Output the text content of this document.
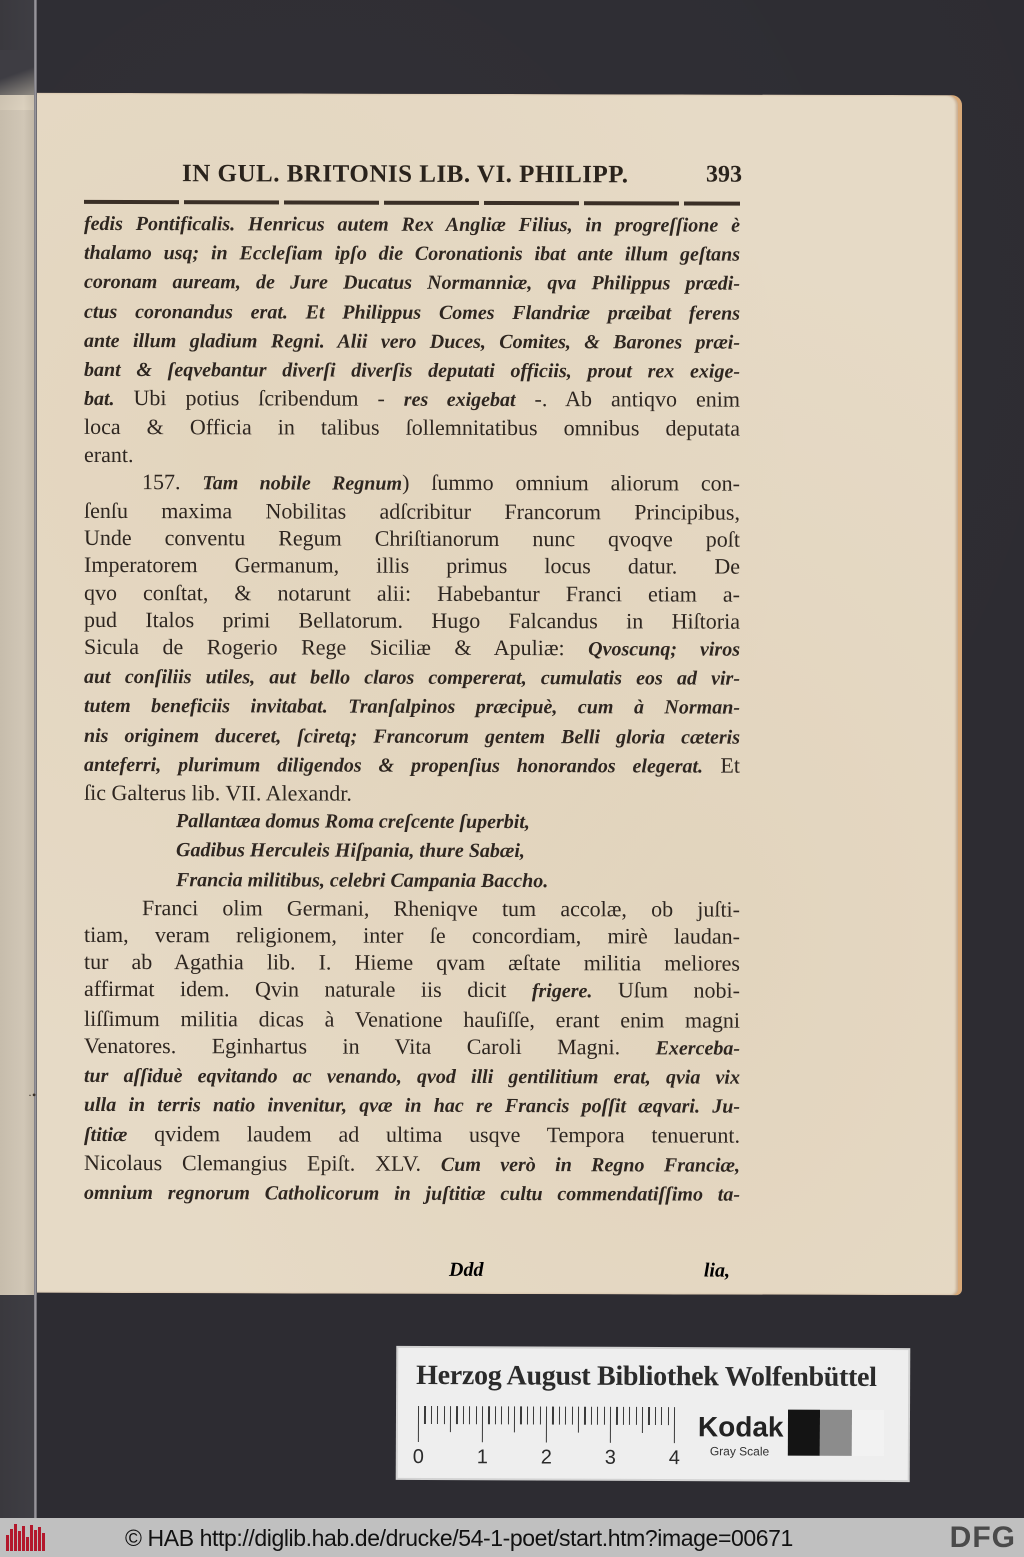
IN GUL. BRITONIS LIB. VI. PHILIPP.	393
fedis Pontificalis. Henricus autem Rex Angliæ Filius, in progreſſione è
thalamo usq; in Eccleſiam ipſo die Coronationis ibat ante illum geſtans
coronam auream, de Jure Ducatus Normanniæ, qva Philippus prædi-
ctus coronandus erat. Et Philippus Comes Flandriæ præibat ferens
ante illum gladium Regni. Alii vero Duces, Comites, & Barones præi-
bant & ſeqvebantur diverſi diverſis deputati officiis, prout rex exige-
bat. Ubi potius ſcribendum - res exigebat -. Ab antiqvo enim
loca & Officia in talibus ſollemnitatibus omnibus deputata
erant.
157. Tam nobile Regnum) ſummo omnium aliorum con-
ſenſu maxima Nobilitas adſcribitur Francorum Principibus,
Unde conventu Regum Chriſtianorum nunc qvoqve poſt
Imperatorem Germanum, illis primus locus datur. De
qvo conſtat, & notarunt alii: Habebantur Franci etiam a-
pud Italos primi Bellatorum. Hugo Falcandus in Hiſtoria
Sicula de Rogerio Rege Siciliæ & Apuliæ: Qvoscunq; viros
aut conſiliis utiles, aut bello claros compererat, cumulatis eos ad vir-
tutem beneficiis invitabat. Tranſalpinos præcipuè, cum à Norman-
nis originem duceret, ſciretq; Francorum gentem Belli gloria cæteris
anteferri, plurimum diligendos & propenſius honorandos elegerat. Et
ſic Galterus lib. VII. Alexandr.
Pallantæa domus Roma creſcente ſuperbit,
Gadibus Herculeis Hiſpania, thure Sabæi,
Francia militibus, celebri Campania Baccho.
Franci olim Germani, Rheniqve tum accolæ, ob juſti-
tiam, veram religionem, inter ſe concordiam, mirè laudan-
tur ab Agathia lib. I. Hieme qvam æſtate militia meliores
affirmat idem. Qvin naturale iis dicit frigere. Uſum nobi-
liſſimum militia dicas à Venatione hauſiſſe, erant enim magni
Venatores. Eginhartus in Vita Caroli Magni. Exerceba-
tur aſſiduè eqvitando ac venando, qvod illi gentilitium erat, qvia vix
ulla in terris natio invenitur, qvæ in hac re Francis poſſit æqvari. Ju-
ſtitiæ qvidem laudem ad ultima usqve Tempora tenuerunt.
Nicolaus Clemangius Epiſt. XLV. Cum verò in Regno Franciæ,
omnium regnorum Catholicorum in juſtitiæ cultu commendatiſſimo ta-
Ddd	lia,
·•
Herzog August Bibliothek Wolfenbüttel
0	1	2	3	4
Kodak
Gray Scale
© HAB http://diglib.hab.de/drucke/54-1-poet/start.htm?image=00671	DFG
